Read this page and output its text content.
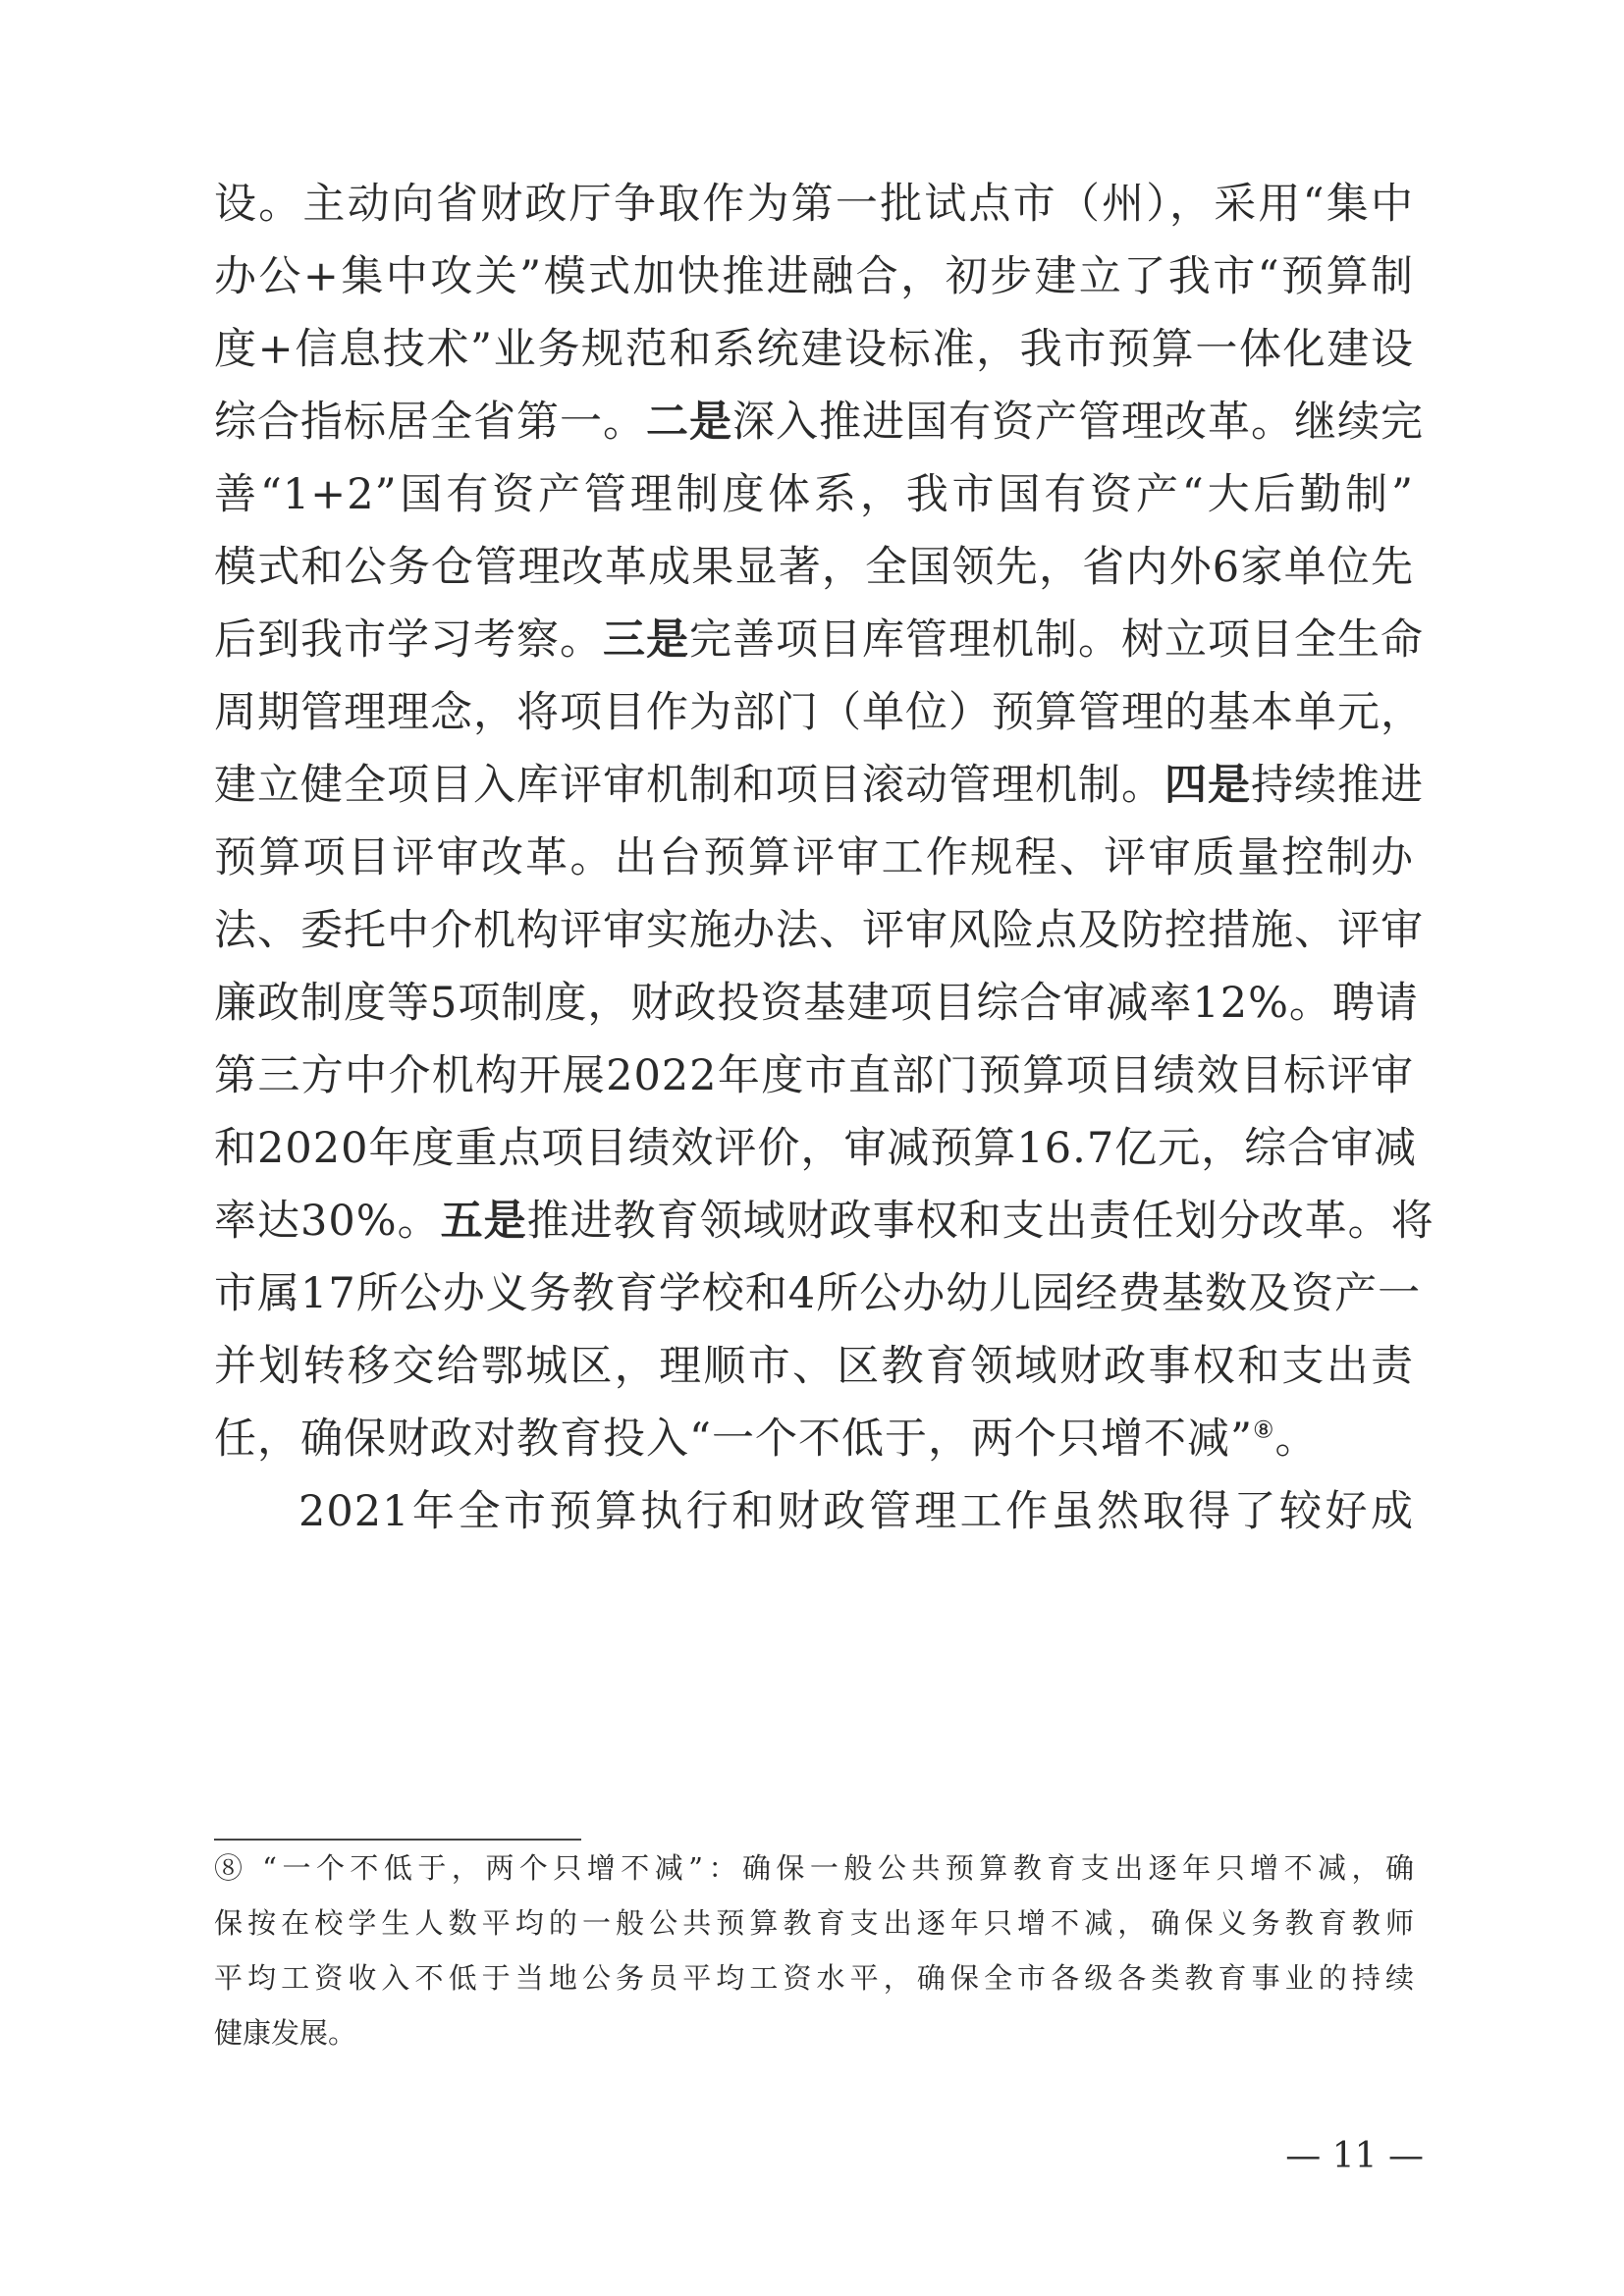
设。主动向省财政厅争取作为第一批试点市（州），采用“集中
办公+集中攻关”模式加快推进融合，初步建立了我市“预算制
度+信息技术”业务规范和系统建设标准，我市预算一体化建设
综合指标居全省第一。二是深入推进国有资产管理改革。继续完
善“1+2”国有资产管理制度体系，我市国有资产“大后勤制”
模式和公务仓管理改革成果显著，全国领先，省内外6家单位先
后到我市学习考察。三是完善项目库管理机制。树立项目全生命
周期管理理念，将项目作为部门（单位）预算管理的基本单元，
建立健全项目入库评审机制和项目滚动管理机制。四是持续推进
预算项目评审改革。出台预算评审工作规程、评审质量控制办
法、委托中介机构评审实施办法、评审风险点及防控措施、评审
廉政制度等5项制度，财政投资基建项目综合审减率12%。聘请
第三方中介机构开展2022年度市直部门预算项目绩效目标评审
和2020年度重点项目绩效评价，审减预算16.7亿元，综合审减
率达30%。五是推进教育领域财政事权和支出责任划分改革。将
市属17所公办义务教育学校和4所公办幼儿园经费基数及资产一
并划转移交给鄂城区，理顺市、区教育领域财政事权和支出责
任，确保财政对教育投入“一个不低于，两个只增不减”⑧。
2021年全市预算执行和财政管理工作虽然取得了较好成
⑧ “一个不低于，两个只增不减”：确保一般公共预算教育支出逐年只增不减，确
保按在校学生人数平均的一般公共预算教育支出逐年只增不减，确保义务教育教师
平均工资收入不低于当地公务员平均工资水平，确保全市各级各类教育事业的持续
健康发展。
— 11 —
